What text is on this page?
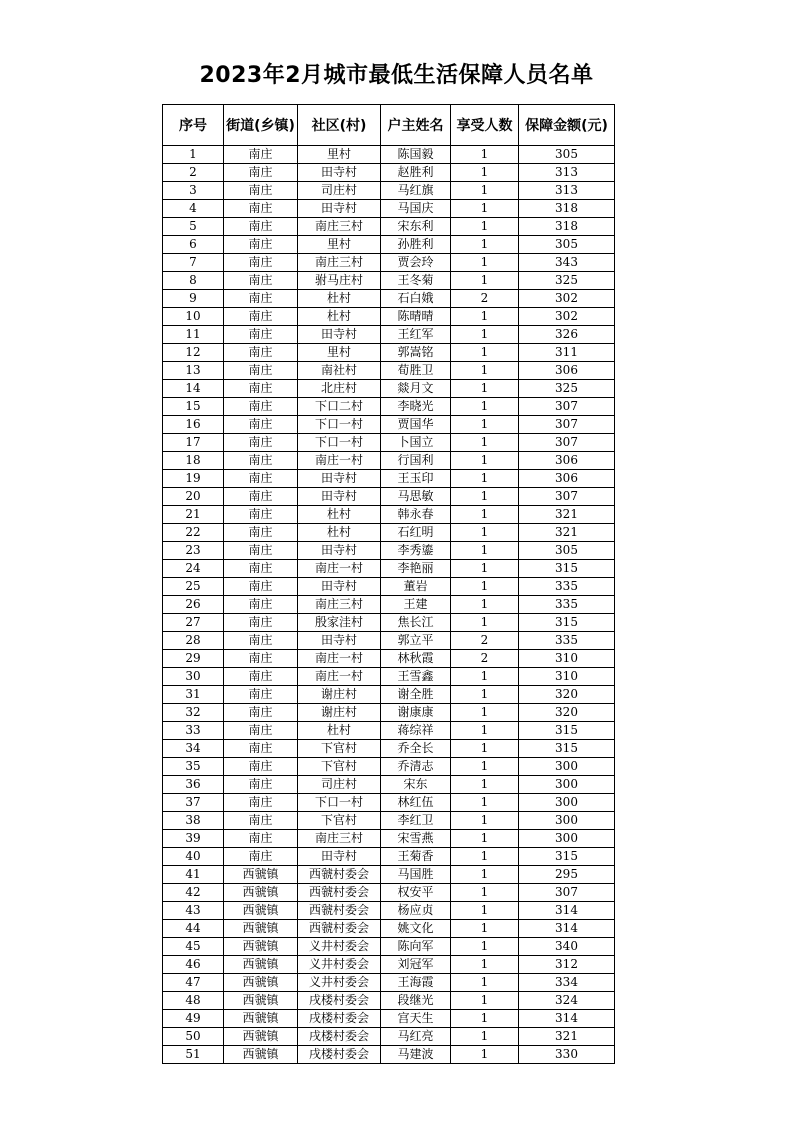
2023年2月城市最低生活保障人员名单
序号	街道(乡镇)	社区(村)	户主姓名	享受人数	保障金额(元)
1	南庄	里村	陈国毅	1	305
2	南庄	田寺村	赵胜利	1	313
3	南庄	司庄村	马红旗	1	313
4	南庄	田寺村	马国庆	1	318
5	南庄	南庄三村	宋东利	1	318
6	南庄	里村	孙胜利	1	305
7	南庄	南庄三村	贾会玲	1	343
8	南庄	驸马庄村	王冬菊	1	325
9	南庄	杜村	石白娥	2	302
10	南庄	杜村	陈晴晴	1	302
11	南庄	田寺村	王红军	1	326
12	南庄	里村	郭嵩铭	1	311
13	南庄	南社村	荀胜卫	1	306
14	南庄	北庄村	燚月文	1	325
15	南庄	下口二村	李晓光	1	307
16	南庄	下口一村	贾国华	1	307
17	南庄	下口一村	卜国立	1	307
18	南庄	南庄一村	行国利	1	306
19	南庄	田寺村	王玉印	1	306
20	南庄	田寺村	马思敏	1	307
21	南庄	杜村	韩永春	1	321
22	南庄	杜村	石红明	1	321
23	南庄	田寺村	李秀鎏	1	305
24	南庄	南庄一村	李艳丽	1	315
25	南庄	田寺村	董岩	1	335
26	南庄	南庄三村	王建	1	335
27	南庄	殷家洼村	焦长江	1	315
28	南庄	田寺村	郭立平	2	335
29	南庄	南庄一村	林秋霞	2	310
30	南庄	南庄一村	王雪鑫	1	310
31	南庄	谢庄村	谢全胜	1	320
32	南庄	谢庄村	谢康康	1	320
33	南庄	杜村	蒋综祥	1	315
34	南庄	下官村	乔全长	1	315
35	南庄	下官村	乔清志	1	300
36	南庄	司庄村	宋东	1	300
37	南庄	下口一村	林红伍	1	300
38	南庄	下官村	李红卫	1	300
39	南庄	南庄三村	宋雪燕	1	300
40	南庄	田寺村	王菊香	1	315
41	西虢镇	西虢村委会	马国胜	1	295
42	西虢镇	西虢村委会	权安平	1	307
43	西虢镇	西虢村委会	杨应贞	1	314
44	西虢镇	西虢村委会	姚文化	1	314
45	西虢镇	义井村委会	陈向军	1	340
46	西虢镇	义井村委会	刘冠军	1	312
47	西虢镇	义井村委会	王海霞	1	334
48	西虢镇	戌楼村委会	段继光	1	324
49	西虢镇	戌楼村委会	宫天生	1	314
50	西虢镇	戌楼村委会	马红亮	1	321
51	西虢镇	戌楼村委会	马建波	1	330
